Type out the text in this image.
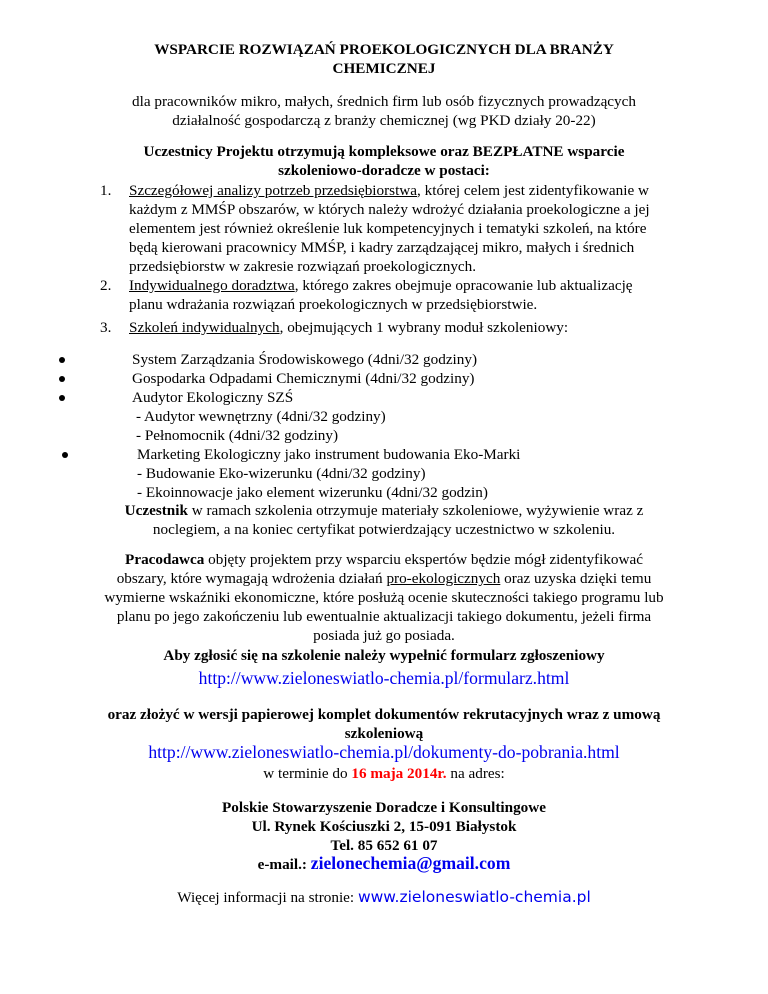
WSPARCIE ROZWIĄZAŃ PROEKOLOGICZNYCH DLA BRANŻY
CHEMICZNEJ
dla pracowników mikro, małych, średnich firm lub osób fizycznych prowadzących
działalność gospodarczą z branży chemicznej (wg PKD działy 20-22)
Uczestnicy Projektu otrzymują kompleksowe oraz BEZPŁATNE wsparcie
szkoleniowo-doradcze w postaci:
1. Szczegółowej analizy potrzeb przedsiębiorstwa, której celem jest zidentyfikowanie w
każdym z MMŚP obszarów, w których należy wdrożyć działania proekologiczne a jej
elementem jest również określenie luk kompetencyjnych i tematyki szkoleń, na które
będą kierowani pracownicy MMŚP, i kadry zarządzającej mikro, małych i średnich
przedsiębiorstw w zakresie rozwiązań proekologicznych.
2. Indywidualnego doradztwa, którego zakres obejmuje opracowanie lub aktualizację
planu wdrażania rozwiązań proekologicznych w przedsiębiorstwie.
3. Szkoleń indywidualnych, obejmujących 1 wybrany moduł szkoleniowy:
System Zarządzania Środowiskowego (4dni/32 godziny)
Gospodarka Odpadami Chemicznymi (4dni/32 godziny)
Audytor Ekologiczny SZŚ
- Audytor wewnętrzny (4dni/32 godziny)
- Pełnomocnik (4dni/32 godziny)
Marketing Ekologiczny jako instrument budowania Eko-Marki
- Budowanie Eko-wizerunku (4dni/32 godziny)
- Ekoinnowacje jako element wizerunku (4dni/32 godzin)
Uczestnik w ramach szkolenia otrzymuje materiały szkoleniowe, wyżywienie wraz z
noclegiem, a na koniec certyfikat potwierdzający uczestnictwo w szkoleniu.
Pracodawca objęty projektem przy wsparciu ekspertów będzie mógł zidentyfikować
obszary, które wymagają wdrożenia działań pro-ekologicznych oraz uzyska dzięki temu
wymierne wskaźniki ekonomiczne, które posłużą ocenie skuteczności takiego programu lub
planu po jego zakończeniu lub ewentualnie aktualizacji takiego dokumentu, jeżeli firma
posiada już go posiada.
Aby zgłosić się na szkolenie należy wypełnić formularz zgłoszeniowy
http://www.zieloneswiatlo-chemia.pl/formularz.html
oraz złożyć w wersji papierowej komplet dokumentów rekrutacyjnych wraz z umową
szkoleniową
http://www.zieloneswiatlo-chemia.pl/dokumenty-do-pobrania.html
w terminie do 16 maja 2014r. na adres:
Polskie Stowarzyszenie Doradcze i Konsultingowe
Ul. Rynek Kościuszki 2, 15-091 Białystok
Tel. 85 652 61 07
e-mail.: zielonechemia@gmail.com
Więcej informacji na stronie: www.zieloneswiatlo-chemia.pl
